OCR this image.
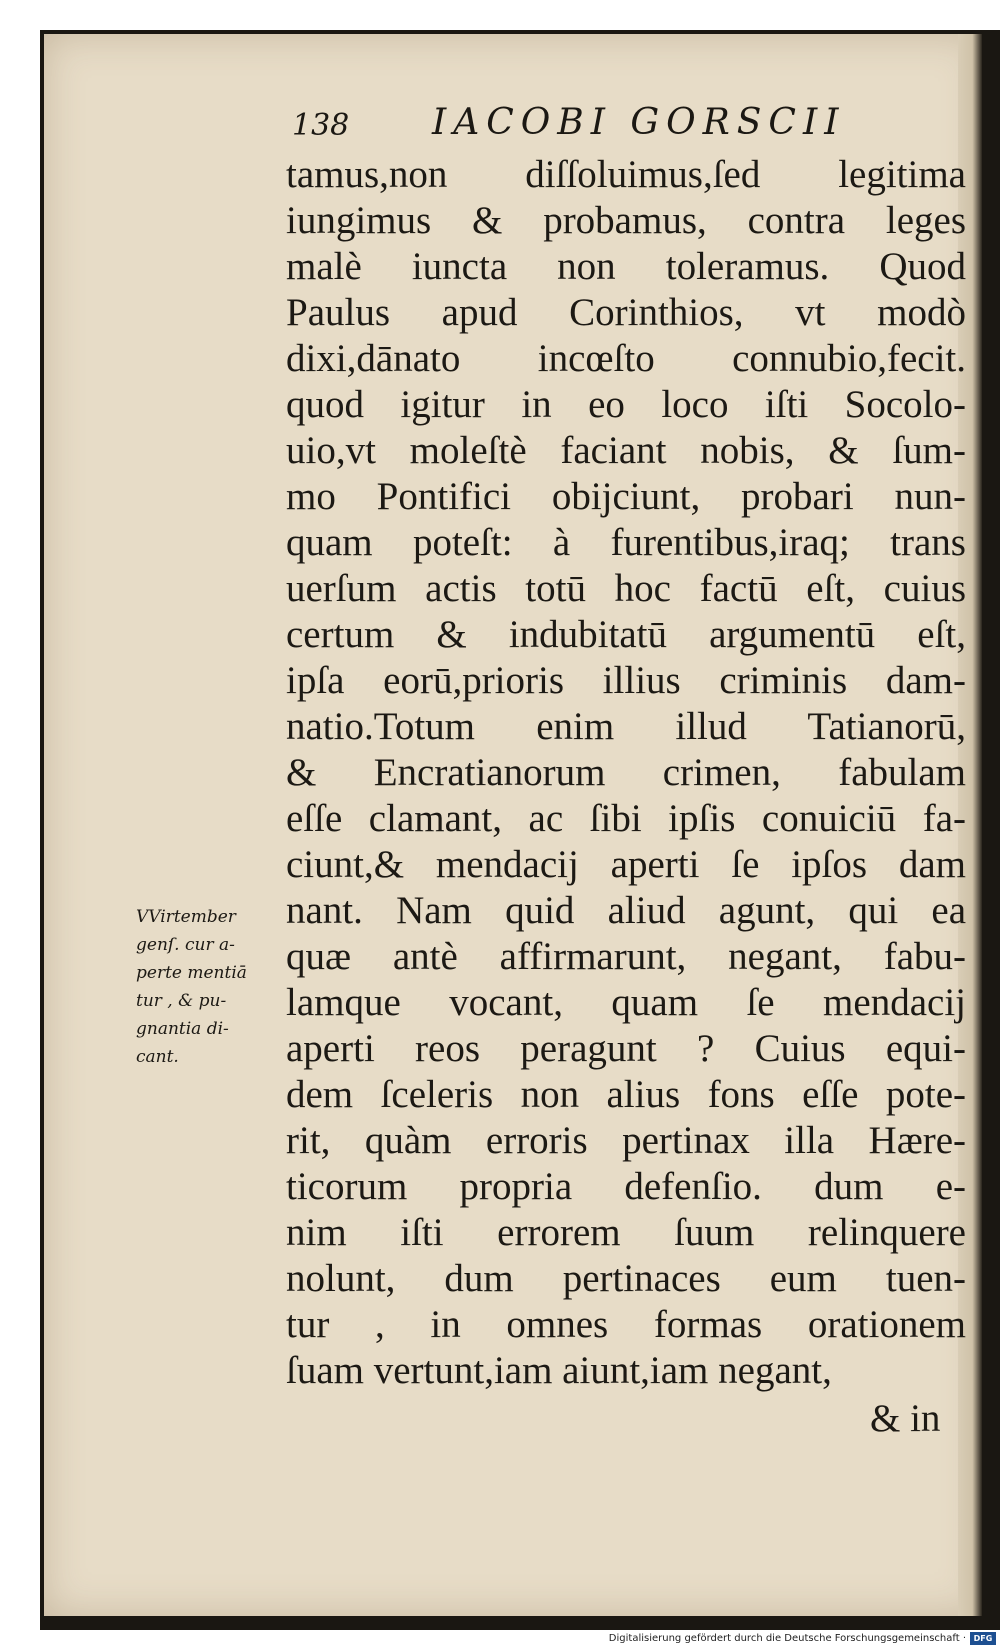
138 IACOBI GORSCII
tamus,non diſſoluimus,ſed legitima
iungimus & probamus, contra leges
malè iuncta non toleramus. Quod
Paulus apud Corinthios, vt modò
dixi,dānato incœſto connubio,fecit.
quod igitur in eo loco iſti Socolo-
uio,vt moleſtè faciant nobis, & ſum-
mo Pontifici obijciunt, probari nun-
quam poteſt: à furentibus,iraq; trans
uerſum actis totū hoc factū eſt, cuius
certum & indubitatū argumentū eſt,
ipſa eorū,prioris illius criminis dam-
natio.Totum enim illud Tatianorū,
& Encratianorum crimen, fabulam
eſſe clamant, ac ſibi ipſis conuiciū fa-
ciunt,& mendacij aperti ſe ipſos dam
nant. Nam quid aliud agunt, qui ea
quæ antè affirmarunt, negant, fabu-
lamque vocant, quam ſe mendacij
aperti reos peragunt ? Cuius equi-
dem ſceleris non alius fons eſſe pote-
rit, quàm erroris pertinax illa Hære-
ticorum propria defenſio. dum e-
nim iſti errorem ſuum relinquere
nolunt, dum pertinaces eum tuen-
tur , in omnes formas orationem
ſuam vertunt,iam aiunt,iam negant,
& in
VVirtember
genſ. cur a-
perte mentiā
tur , & pu-
gnantia di-
cant.
Digitalisierung gefördert durch die Deutsche Forschungsgemeinschaft · DFG
